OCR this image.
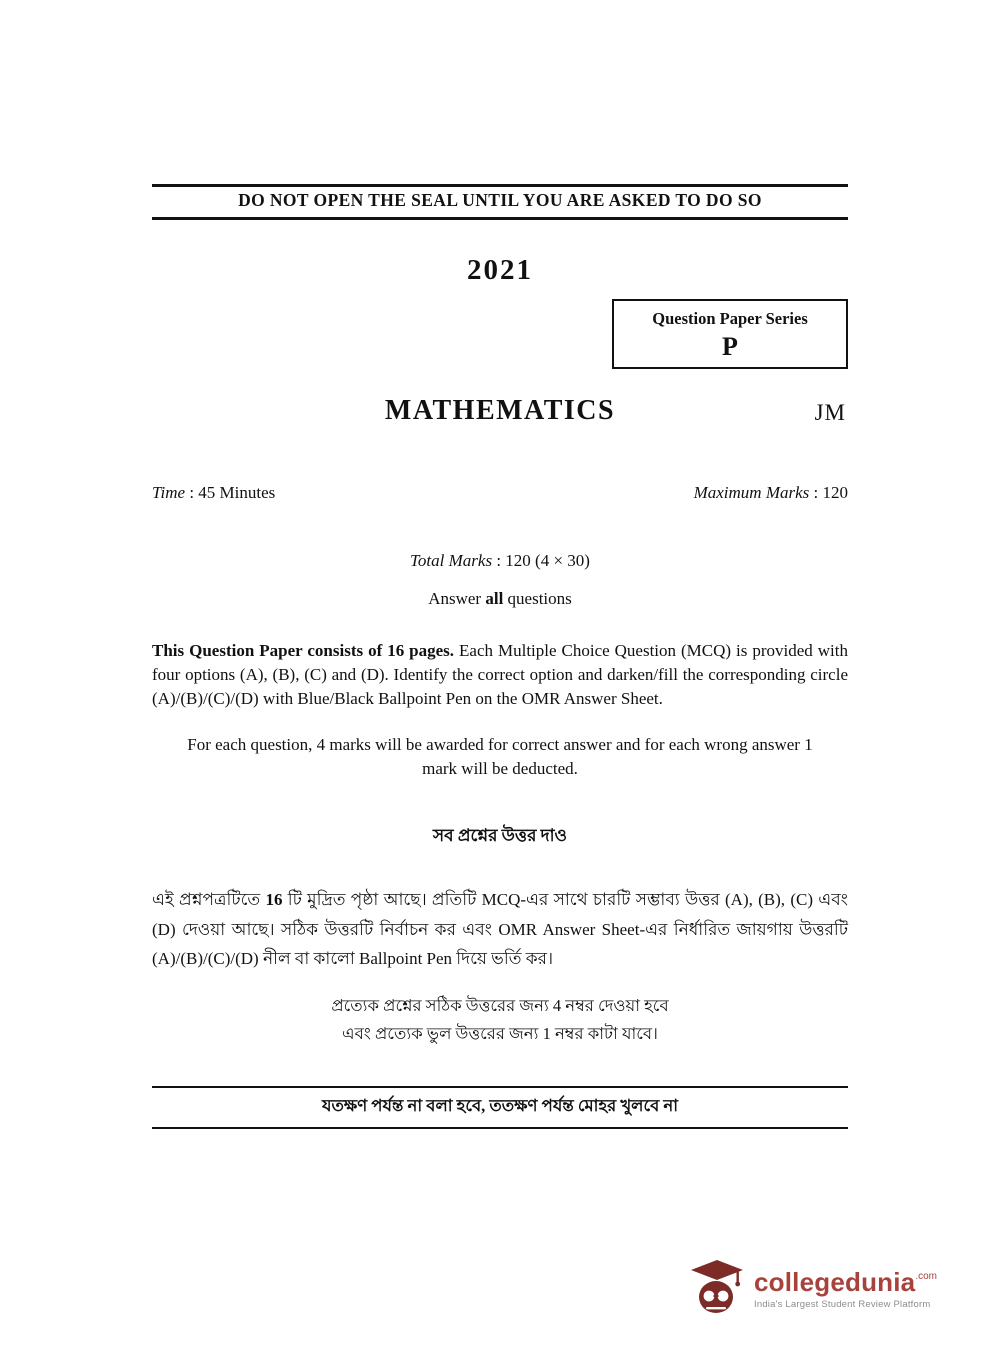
DO NOT OPEN THE SEAL UNTIL YOU ARE ASKED TO DO SO
2021
Question Paper Series
P
MATHEMATICS	JM
Time : 45 Minutes	Maximum Marks : 120
Total Marks : 120 (4 × 30)
Answer all questions

This Question Paper consists of 16 pages. Each Multiple Choice Question (MCQ) is provided with four options (A), (B), (C) and (D). Identify the correct option and darken/fill the corresponding circle (A)/(B)/(C)/(D) with Blue/Black Ballpoint Pen on the OMR Answer Sheet.

For each question, 4 marks will be awarded for correct answer and for each wrong answer 1 mark will be deducted.

সব প্রশ্নের উত্তর দাও

এই প্রশ্নপত্রটিতে 16 টি মুদ্রিত পৃষ্ঠা আছে। প্রতিটি MCQ-এর সাথে চারটি সম্ভাব্য উত্তর (A), (B), (C) এবং (D) দেওয়া আছে। সঠিক উত্তরটি নির্বাচন কর এবং OMR Answer Sheet-এর নির্ধারিত জায়গায় উত্তরটি (A)/(B)/(C)/(D) নীল বা কালো Ballpoint Pen দিয়ে ভর্তি কর।

প্রত্যেক প্রশ্নের সঠিক উত্তরের জন্য 4 নম্বর দেওয়া হবে
এবং প্রত্যেক ভুল উত্তরের জন্য 1 নম্বর কাটা যাবে।
যতক্ষণ পর্যন্ত না বলা হবে, ততক্ষণ পর্যন্ত মোহর খুলবে না
collegedunia .com
India's Largest Student Review Platform
